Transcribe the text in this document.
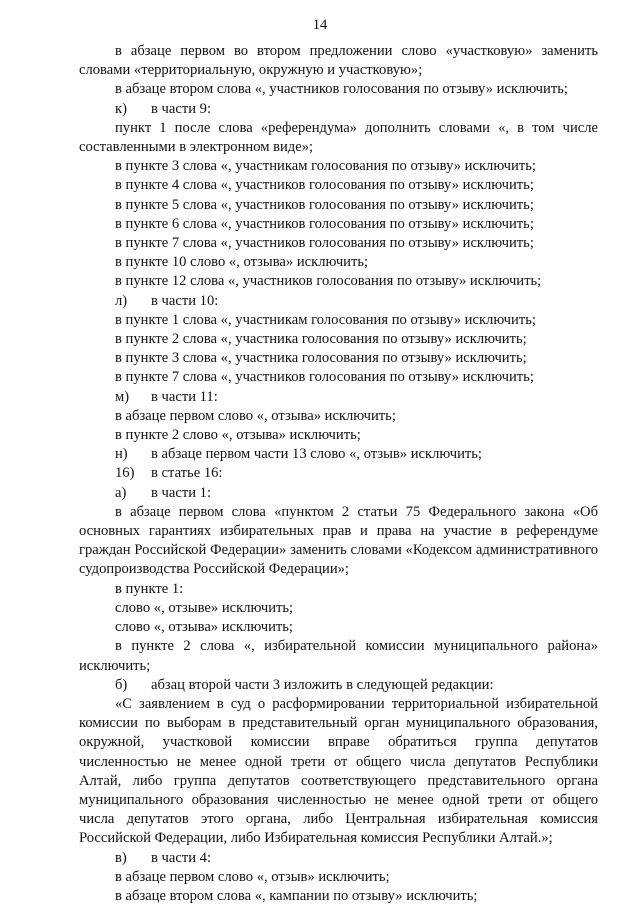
14

в абзаце первом во втором предложении слово «участковую» заменить словами «территориальную, окружную и участковую»;

в абзаце втором слова «, участников голосования по отзыву» исключить;

к)	в части 9:

пункт 1 после слова «референдума» дополнить словами «, в том числе составленными в электронном виде»;

в пункте 3 слова «, участникам голосования по отзыву» исключить;

в пункте 4 слова «, участников голосования по отзыву» исключить;

в пункте 5 слова «, участников голосования по отзыву» исключить;

в пункте 6 слова «, участников голосования по отзыву» исключить;

в пункте 7 слова «, участников голосования по отзыву» исключить;

в пункте 10 слово «, отзыва» исключить;

в пункте 12 слова «, участников голосования по отзыву» исключить;

л)	в части 10:

в пункте 1 слова «, участникам голосования по отзыву» исключить;

в пункте 2 слова «, участника голосования по отзыву» исключить;

в пункте 3 слова «, участника голосования по отзыву» исключить;

в пункте 7 слова «, участников голосования по отзыву» исключить;

м)	в части 11:

в абзаце первом слово «, отзыва» исключить;

в пункте 2 слово «, отзыва» исключить;

н)	в абзаце первом части 13 слово «, отзыв» исключить;

16)	в статье 16:

а)	в части 1:

в абзаце первом слова «пунктом 2 статьи 75 Федерального закона «Об основных гарантиях избирательных прав и права на участие в референдуме граждан Российской Федерации» заменить словами «Кодексом административного судопроизводства Российской Федерации»;

в пункте 1:

слово «, отзыве» исключить;

слово «, отзыва» исключить;

в пункте 2 слова «, избирательной комиссии муниципального района» исключить;

б)	абзац второй части 3 изложить в следующей редакции:

«С заявлением в суд о расформировании территориальной избирательной комиссии по выборам в представительный орган муниципального образования, окружной, участковой комиссии вправе обратиться группа депутатов численностью не менее одной трети от общего числа депутатов Республики Алтай, либо группа депутатов соответствующего представительного органа муниципального образования численностью не менее одной трети от общего числа депутатов этого органа, либо Центральная избирательная комиссия Российской Федерации, либо Избирательная комиссия Республики Алтай.»;

в)	в части 4:

в абзаце первом слово «, отзыв» исключить;

в абзаце втором слова «, кампании по отзыву» исключить;
